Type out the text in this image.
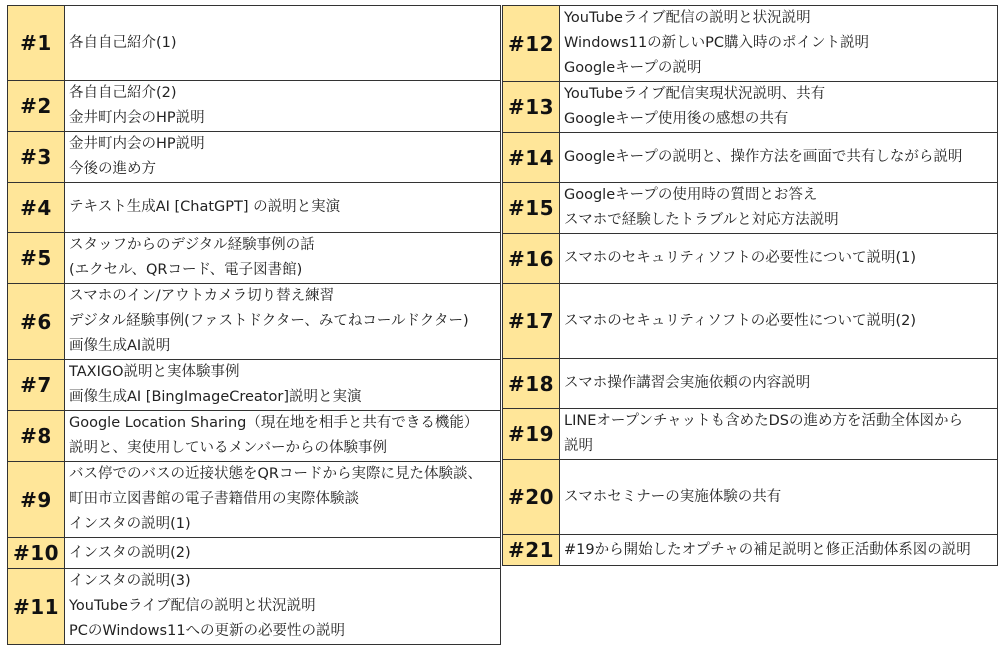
#1	各自自己紹介(1)

#2	各自自己紹介(2)
金井町内会のHP説明

#3	金井町内会のHP説明
今後の進め方

#4	テキスト生成AI [ChatGPT] の説明と実演

#5	スタッフからのデジタル経験事例の話
(エクセル、QRコード、電子図書館)

#6	スマホのイン/アウトカメラ切り替え練習
デジタル経験事例(ファストドクター、みてねコールドクター)
画像生成AI説明

#7	TAXIGO説明と実体験事例
画像生成AI [BingImageCreator]説明と実演

#8	Google Location Sharing（現在地を相手と共有できる機能）
説明と、実使用しているメンバーからの体験事例

#9	バス停でのバスの近接状態をQRコードから実際に見た体験談、
町田市立図書館の電子書籍借用の実際体験談
インスタの説明(1)

#10	インスタの説明(2)

#11	インスタの説明(3)
YouTubeライブ配信の説明と状況説明
PCのWindows11への更新の必要性の説明
#12	YouTubeライブ配信の説明と状況説明
Windows11の新しいPC購入時のポイント説明
Googleキープの説明

#13	YouTubeライブ配信実現状況説明、共有
Googleキープ使用後の感想の共有

#14	Googleキープの説明と、操作方法を画面で共有しながら説明

#15	Googleキープの使用時の質問とお答え
スマホで経験したトラブルと対応方法説明

#16	スマホのセキュリティソフトの必要性について説明(1)

#17	スマホのセキュリティソフトの必要性について説明(2)

#18	スマホ操作講習会実施依頼の内容説明

#19	LINEオープンチャットも含めたDSの進め方を活動全体図から
説明

#20	スマホセミナーの実施体験の共有

#21	#19から開始したオプチャの補足説明と修正活動体系図の説明
